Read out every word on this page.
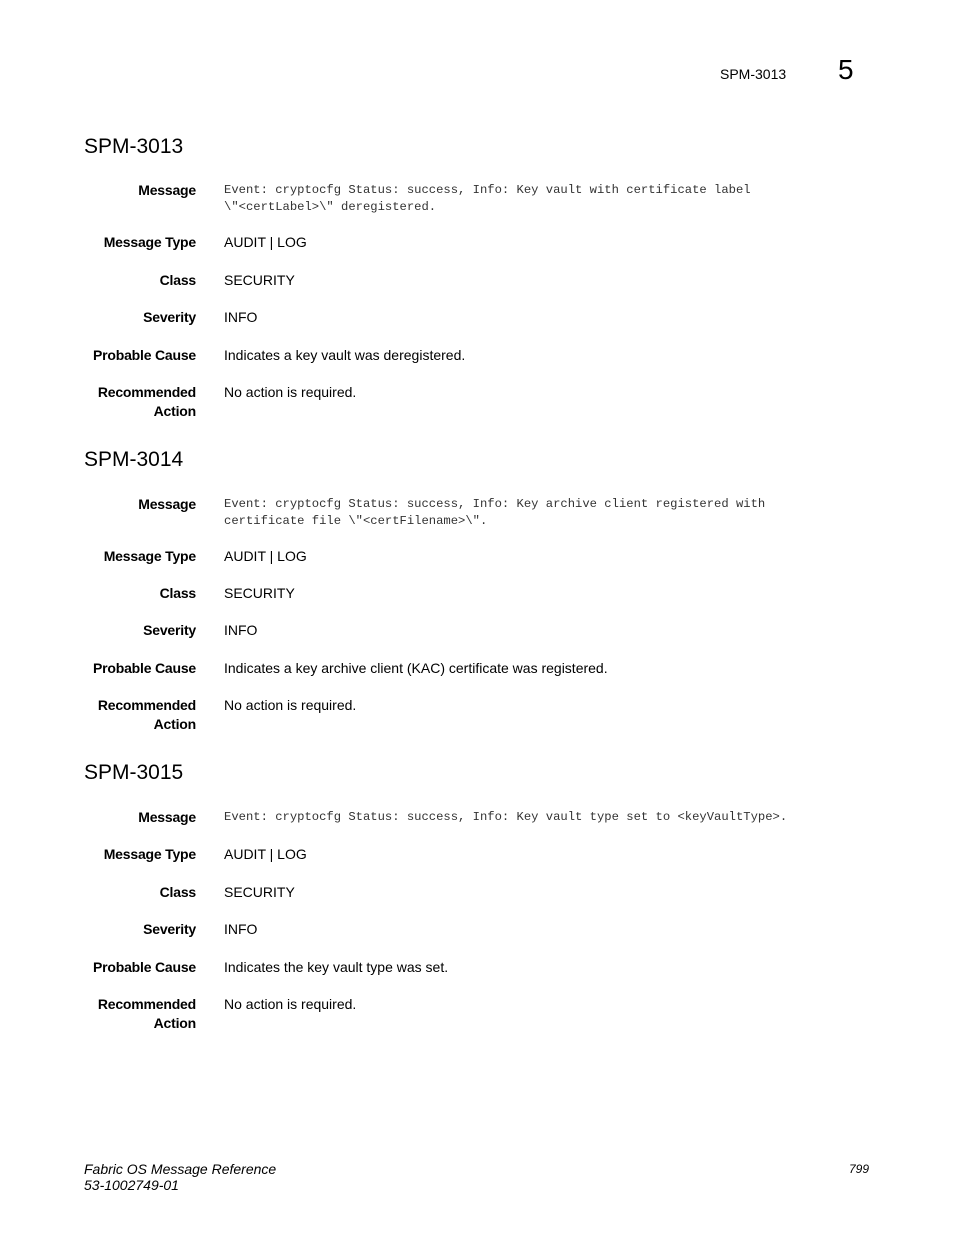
SPM-3013 5
SPM-3013
Message Event: cryptocfg Status: success, Info: Key vault with certificate label
\"<certLabel>\" deregistered.
Message Type AUDIT | LOG
Class SECURITY
Severity INFO
Probable Cause Indicates a key vault was deregistered.
Recommended
Action
No action is required.
SPM-3014
Message Event: cryptocfg Status: success, Info: Key archive client registered with
certificate file \"<certFilename>\".
Message Type AUDIT | LOG
Class SECURITY
Severity INFO
Probable Cause Indicates a key archive client (KAC) certificate was registered.
Recommended
Action
No action is required.
SPM-3015
Message Event: cryptocfg Status: success, Info: Key vault type set to <keyVaultType>.
Message Type AUDIT | LOG
Class SECURITY
Severity INFO
Probable Cause Indicates the key vault type was set.
Recommended
Action
No action is required.
Fabric OS Message Reference
53-1002749-01
799
